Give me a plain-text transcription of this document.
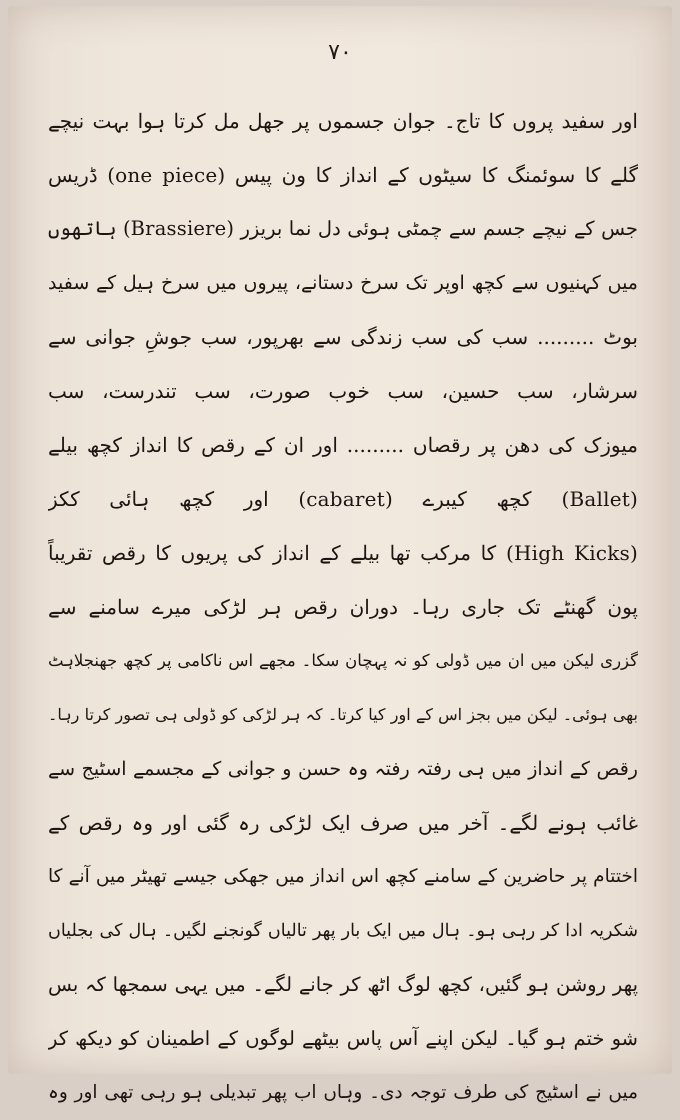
۷۰
اور سفید پروں کا تاج۔ جوان جسموں پر جھل مل کرتا ہوا بہت نیچے
گلے کا سوئمنگ کا سیٹوں کے انداز کا ون پیس (one piece) ڈریس
جس کے نیچے جسم سے چمٹی ہوئی دل نما بریزر (Brassiere) ہاتھوں
میں کہنیوں سے کچھ اوپر تک سرخ دستانے، پیروں میں سرخ ہیل کے سفید
بوٹ ......... سب کی سب زندگی سے بھرپور، سب جوشِ جوانی سے
سرشار، سب حسین، سب خوب صورت، سب تندرست، سب
میوزک کی دھن پر رقصاں ......... اور ان کے رقص کا انداز کچھ بیلے
(Ballet) کچھ کیبرے (cabaret) اور کچھ ہائی ککز
(High Kicks) کا مرکب تھا بیلے کے انداز کی پریوں کا رقص تقریباً
پون گھنٹے تک جاری رہا۔ دوران رقص ہر لڑکی میرے سامنے سے
گزری لیکن میں ان میں ڈولی کو نہ پہچان سکا۔ مجھے اس ناکامی پر کچھ جھنجلاہٹ
بھی ہوئی۔ لیکن میں بجز اس کے اور کیا کرتا۔ کہ ہر لڑکی کو ڈولی ہی تصور کرتا رہا۔
رقص کے انداز میں ہی رفتہ رفتہ وہ حسن و جوانی کے مجسمے اسٹیج سے
غائب ہونے لگے۔ آخر میں صرف ایک لڑکی رہ گئی اور وہ رقص کے
اختتام پر حاضرین کے سامنے کچھ اس انداز میں جھکی جیسے تھیٹر میں آنے کا
شکریہ ادا کر رہی ہو۔ ہال میں ایک بار پھر تالیاں گونجنے لگیں۔ ہال کی بجلیاں
پھر روشن ہو گئیں، کچھ لوگ اٹھ کر جانے لگے۔ میں یہی سمجھا کہ بس
شو ختم ہو گیا۔ لیکن اپنے آس پاس بیٹھے لوگوں کے اطمینان کو دیکھ کر
میں نے اسٹیج کی طرف توجہ دی۔ وہاں اب پھر تبدیلی ہو رہی تھی اور وہ
